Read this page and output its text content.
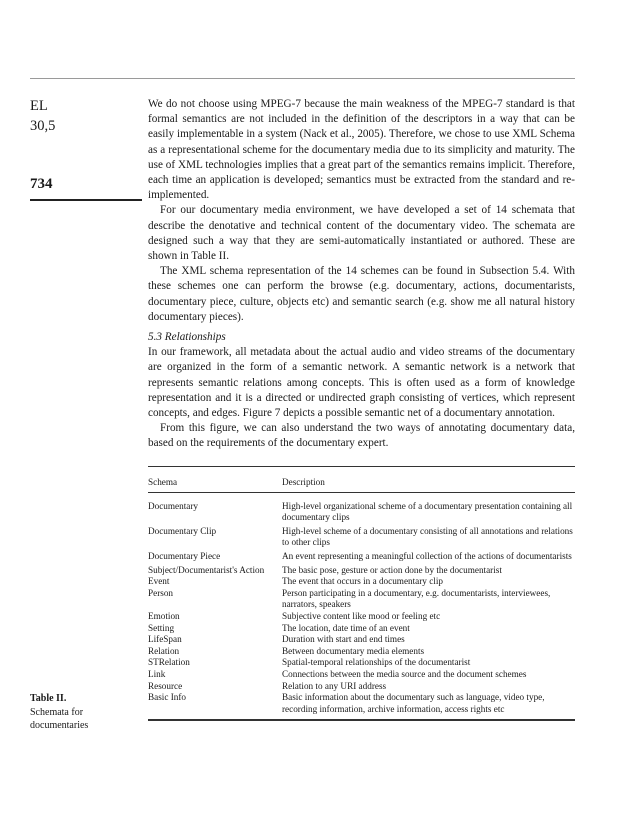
EL
30,5
734

We do not choose using MPEG-7 because the main weakness of the MPEG-7 standard is that formal semantics are not included in the definition of the descriptors in a way that can be easily implementable in a system (Nack et al., 2005). Therefore, we chose to use XML Schema as a representational scheme for the documentary media due to its simplicity and maturity. The use of XML technologies implies that a great part of the semantics remains implicit. Therefore, each time an application is developed; semantics must be extracted from the standard and re-implemented.

For our documentary media environment, we have developed a set of 14 schemata that describe the denotative and technical content of the documentary video. The schemata are designed such a way that they are semi-automatically instantiated or authored. These are shown in Table II.

The XML schema representation of the 14 schemes can be found in Subsection 5.4. With these schemes one can perform the browse (e.g. documentary, actions, documentarists, documentary piece, culture, objects etc) and semantic search (e.g. show me all natural history documentary pieces).

5.3 Relationships

In our framework, all metadata about the actual audio and video streams of the documentary are organized in the form of a semantic network. A semantic network is a network that represents semantic relations among concepts. This is often used as a form of knowledge representation and it is a directed or undirected graph consisting of vertices, which represent concepts, and edges. Figure 7 depicts a possible semantic net of a documentary annotation.

From this figure, we can also understand the two ways of annotating documentary data, based on the requirements of the documentary expert.

Table II.
Schemata for documentaries
Schema	Description
Documentary	High-level organizational scheme of a documentary presentation containing all documentary clips
Documentary Clip	High-level scheme of a documentary consisting of all annotations and relations to other clips
Documentary Piece	An event representing a meaningful collection of the actions of documentarists
Subject/Documentarist's Action	The basic pose, gesture or action done by the documentarist
Event	The event that occurs in a documentary clip
Person	Person participating in a documentary, e.g. documentarists, interviewees, narrators, speakers
Emotion	Subjective content like mood or feeling etc
Setting	The location, date time of an event
LifeSpan	Duration with start and end times
Relation	Between documentary media elements
STRelation	Spatial-temporal relationships of the documentarist
Link	Connections between the media source and the document schemes
Resource	Relation to any URI address
Basic Info	Basic information about the documentary such as language, video type, recording information, archive information, access rights etc
